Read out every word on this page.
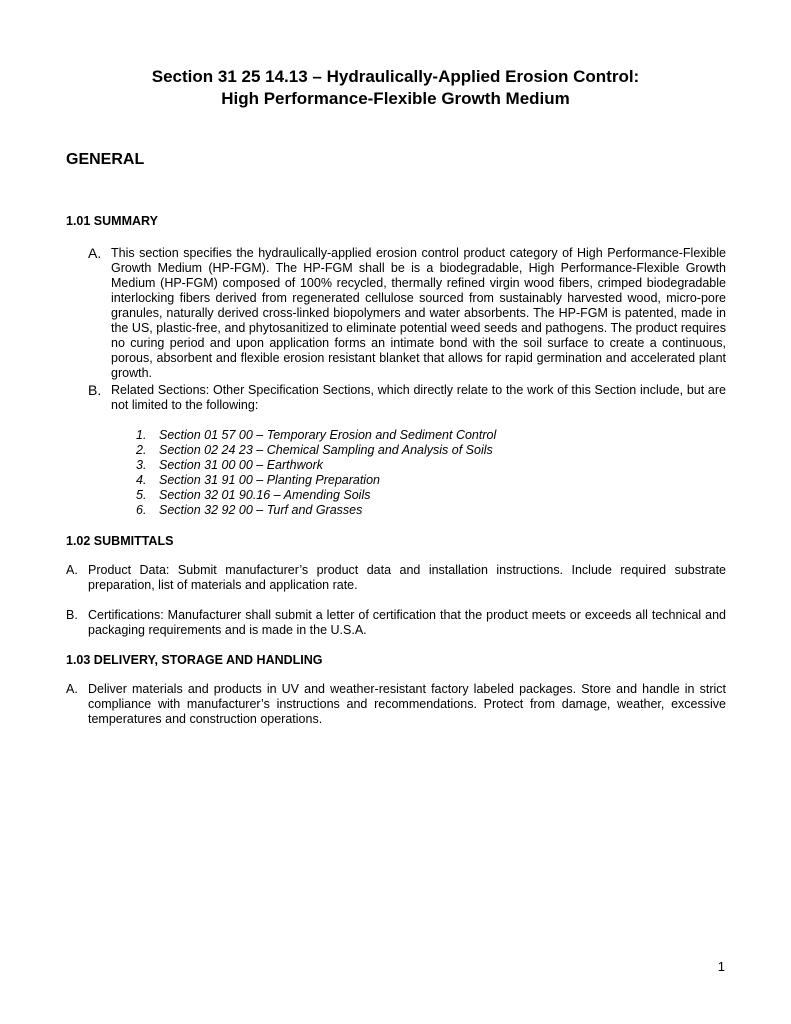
Section 31 25 14.13 – Hydraulically-Applied Erosion Control:
High Performance-Flexible Growth Medium
GENERAL
1.01 SUMMARY
A. This section specifies the hydraulically-applied erosion control product category of High Performance-Flexible Growth Medium (HP-FGM). The HP-FGM shall be is a biodegradable, High Performance-Flexible Growth Medium (HP-FGM) composed of 100% recycled, thermally refined virgin wood fibers, crimped biodegradable interlocking fibers derived from regenerated cellulose sourced from sustainably harvested wood, micro-pore granules, naturally derived cross-linked biopolymers and water absorbents. The HP-FGM is patented, made in the US, plastic-free, and phytosanitized to eliminate potential weed seeds and pathogens. The product requires no curing period and upon application forms an intimate bond with the soil surface to create a continuous, porous, absorbent and flexible erosion resistant blanket that allows for rapid germination and accelerated plant growth.

B. Related Sections: Other Specification Sections, which directly relate to the work of this Section include, but are not limited to the following:

1. Section 01 57 00 – Temporary Erosion and Sediment Control
2. Section 02 24 23 – Chemical Sampling and Analysis of Soils
3. Section 31 00 00 – Earthwork
4. Section 31 91 00 – Planting Preparation
5. Section 32 01 90.16 – Amending Soils
6. Section 32 92 00 – Turf and Grasses
1.02 SUBMITTALS
A. Product Data: Submit manufacturer’s product data and installation instructions. Include required substrate preparation, list of materials and application rate.

B. Certifications: Manufacturer shall submit a letter of certification that the product meets or exceeds all technical and packaging requirements and is made in the U.S.A.

1.03 DELIVERY, STORAGE AND HANDLING
A. Deliver materials and products in UV and weather-resistant factory labeled packages. Store and handle in strict compliance with manufacturer’s instructions and recommendations. Protect from damage, weather, excessive temperatures and construction operations.

1
